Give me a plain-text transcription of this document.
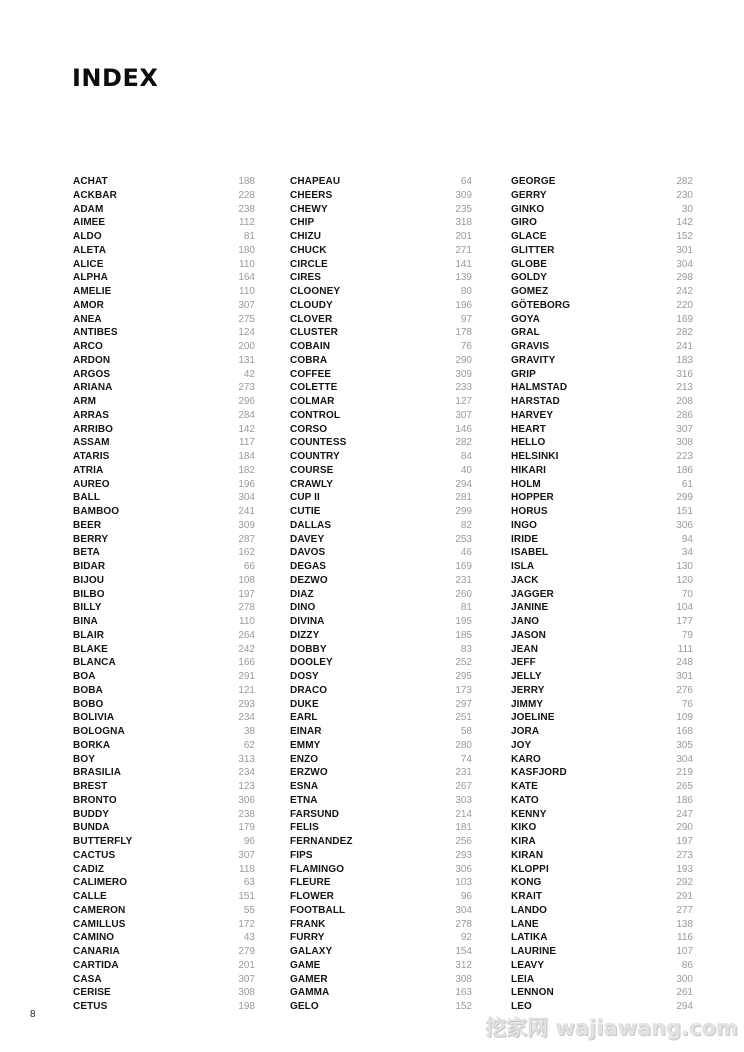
INDEX
ACHAT	188
ACKBAR	228
ADAM	238
AIMEE	112
ALDO	81
ALETA	180
ALICE	110
ALPHA	164
AMELIE	110
AMOR	307
ANEA	275
ANTIBES	124
ARCO	200
ARDON	131
ARGOS	42
ARIANA	273
ARM	296
ARRAS	284
ARRIBO	142
ASSAM	117
ATARIS	184
ATRIA	182
AUREO	196
BALL	304
BAMBOO	241
BEER	309
BERRY	287
BETA	162
BIDAR	66
BIJOU	108
BILBO	197
BILLY	278
BINA	110
BLAIR	264
BLAKE	242
BLANCA	166
BOA	291
BOBA	121
BOBO	293
BOLIVIA	234
BOLOGNA	38
BORKA	62
BOY	313
BRASILIA	234
BREST	123
BRONTO	306
BUDDY	238
BUNDA	179
BUTTERFLY	96
CACTUS	307
CADIZ	118
CALIMERO	63
CALLE	151
CAMERON	55
CAMILLUS	172
CAMINO	43
CANARIA	279
CARTIDA	201
CASA	307
CERISE	308
CETUS	198
CHAPEAU	64
CHEERS	309
CHEWY	235
CHIP	318
CHIZU	201
CHUCK	271
CIRCLE	141
CIRES	139
CLOONEY	80
CLOUDY	196
CLOVER	97
CLUSTER	178
COBAIN	76
COBRA	290
COFFEE	309
COLETTE	233
COLMAR	127
CONTROL	307
CORSO	146
COUNTESS	282
COUNTRY	84
COURSE	40
CRAWLY	294
CUP II	281
CUTIE	299
DALLAS	82
DAVEY	253
DAVOS	46
DEGAS	169
DEZWO	231
DIAZ	260
DINO	81
DIVINA	195
DIZZY	185
DOBBY	83
DOOLEY	252
DOSY	295
DRACO	173
DUKE	297
EARL	251
EINAR	58
EMMY	280
ENZO	74
ERZWO	231
ESNA	267
ETNA	303
FARSUND	214
FELIS	181
FERNANDEZ	256
FIPS	293
FLAMINGO	306
FLEURE	103
FLOWER	96
FOOTBALL	304
FRANK	278
FURRY	92
GALAXY	154
GAME	312
GAMER	308
GAMMA	163
GELO	152
GEORGE	282
GERRY	230
GINKO	30
GIRO	142
GLACE	152
GLITTER	301
GLOBE	304
GOLDY	298
GOMEZ	242
GÖTEBORG	220
GOYA	169
GRAL	282
GRAVIS	241
GRAVITY	183
GRIP	316
HALMSTAD	213
HARSTAD	208
HARVEY	286
HEART	307
HELLO	308
HELSINKI	223
HIKARI	186
HOLM	61
HOPPER	299
HORUS	151
INGO	306
IRIDE	94
ISABEL	34
ISLA	130
JACK	120
JAGGER	70
JANINE	104
JANO	177
JASON	79
JEAN	111
JEFF	248
JELLY	301
JERRY	276
JIMMY	76
JOELINE	109
JORA	168
JOY	305
KARO	304
KASFJORD	219
KATE	265
KATO	186
KENNY	247
KIKO	290
KIRA	197
KIRAN	273
KLOPPI	193
KONG	292
KRAIT	291
LANDO	277
LANE	138
LATIKA	116
LAURINE	107
LEAVY	86
LEIA	300
LENNON	261
LEO	294
8
挖家网 wajiawang.com
